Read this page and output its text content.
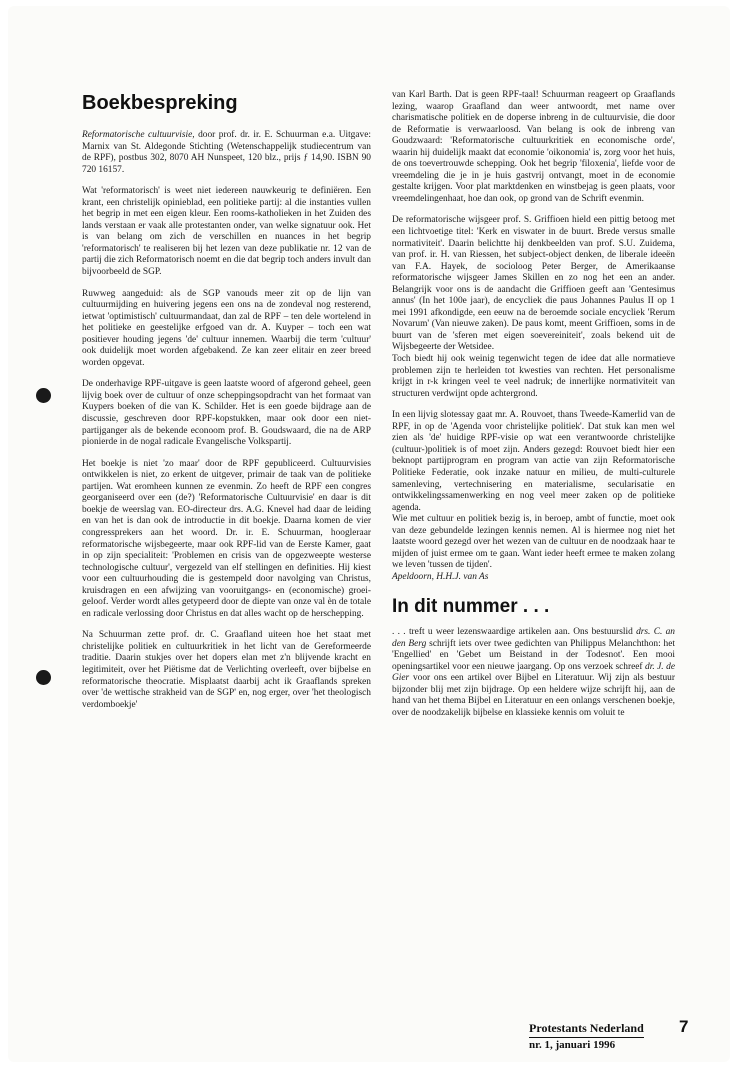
Boekbespreking

Reformatorische cultuurvisie, door prof. dr. ir. E. Schuurman e.a. Uitgave: Marnix van St. Aldegonde Stichting (Wetenschappelijk studiecentrum van de RPF), postbus 302, 8070 AH Nunspeet, 120 blz., prijs ƒ 14,90. ISBN 90 720 16157.

Wat 'reformatorisch' is weet niet iedereen nauwkeurig te definiëren. Een krant, een christelijk opinieblad, een politieke partij: al die instanties vullen het begrip in met een eigen kleur. Een rooms-katholieken in het Zuiden des lands verstaan er vaak alle protestanten onder, van welke signatuur ook. Het is van belang om zich de verschillen en nuances in het begrip 'reformatorisch' te realiseren bij het lezen van deze publikatie nr. 12 van de partij die zich Reformatorisch noemt en die dat begrip toch anders invult dan bijvoorbeeld de SGP.

Ruwweg aangeduid: als de SGP vanouds meer zit op de lijn van cultuurmijding en huivering jegens een ons na de zondeval nog resterend, ietwat 'optimistisch' cultuurmandaat, dan zal de RPF – ten dele wortelend in het politieke en geestelijke erfgoed van dr. A. Kuyper – toch een wat positiever houding jegens 'de' cultuur innemen. Waarbij die term 'cultuur' ook duidelijk moet worden afgebakend. Ze kan zeer elitair en zeer breed worden opgevat.

De onderhavige RPF-uitgave is geen laatste woord of afgerond geheel, geen lijvig boek over de cultuur of onze scheppingsopdracht van het formaat van Kuypers boeken of die van K. Schilder. Het is een goede bijdrage aan de discussie, geschreven door RPF-kopstukken, maar ook door een niet-partijganger als de bekende econoom prof. B. Goudswaard, die na de ARP pionierde in de nogal radicale Evangelische Volkspartij.

Het boekje is niet 'zo maar' door de RPF gepubliceerd. Cultuurvisies ontwikkelen is niet, zo erkent de uitgever, primair de taak van de politieke partijen. Wat eromheen kunnen ze evenmin. Zo heeft de RPF een congres georganiseerd over een (de?) 'Reformatorische Cultuurvisie' en daar is dit boekje de weerslag van. EO-directeur drs. A.G. Knevel had daar de leiding en van het is dan ook de introductie in dit boekje. Daarna komen de vier congressprekers aan het woord. Dr. ir. E. Schuurman, hoogleraar reformatorische wijsbegeerte, maar ook RPF-lid van de Eerste Kamer, gaat in op zijn specialiteit: 'Problemen en crisis van de opgezweepte westerse technologische cultuur', vergezeld van elf stellingen en definities. Hij kiest voor een cultuurhouding die is gestempeld door navolging van Christus, kruisdragen en een afwijzing van vooruitgangs- en (economische) groei-geloof. Verder wordt alles getypeerd door de diepte van onze val èn de totale en radicale verlossing door Christus en dat alles wacht op de herschepping.

Na Schuurman zette prof. dr. C. Graafland uiteen hoe het staat met christelijke politiek en cultuurkritiek in het licht van de Gereformeerde traditie. Daarin stukjes over het dopers elan met z'n blijvende kracht en legitimiteit, over het Piëtisme dat de Verlichting overleeft, over bijbelse en reformatorische theocratie. Misplaatst daarbij acht ik Graaflands spreken over 'de wettische strakheid van de SGP' en, nog erger, over 'het theologisch verdomboekje'

van Karl Barth. Dat is geen RPF-taal! Schuurman reageert op Graaflands lezing, waarop Graafland dan weer antwoordt, met name over charismatische politiek en de doperse inbreng in de cultuurvisie, die door de Reformatie is verwaarloosd. Van belang is ook de inbreng van Goudzwaard: 'Reformatorische cultuurkritiek en economische orde', waarin hij duidelijk maakt dat economie 'oikonomia' is, zorg voor het huis, de ons toevertrouwde schepping. Ook het begrip 'filoxenia', liefde voor de vreemdeling die je in je huis gastvrij ontvangt, moet in de economie gestalte krijgen. Voor plat marktdenken en winstbejag is geen plaats, voor vreemdelingenhaat, hoe dan ook, op grond van de Schrift evenmin.

De reformatorische wijsgeer prof. S. Griffioen hield een pittig betoog met een lichtvoetige titel: 'Kerk en viswater in de buurt. Brede versus smalle normativiteit'. Daarin belichtte hij denkbeelden van prof. S.U. Zuidema, van prof. ir. H. van Riessen, het subject-object denken, de liberale ideeën van F.A. Hayek, de socioloog Peter Berger, de Amerikaanse reformatorische wijsgeer James Skillen en zo nog het een an ander. Belangrijk voor ons is de aandacht die Griffioen geeft aan 'Gentesimus annus' (In het 100e jaar), de encycliek die paus Johannes Paulus II op 1 mei 1991 afkondigde, een eeuw na de beroemde sociale encycliek 'Rerum Novarum' (Van nieuwe zaken). De paus komt, meent Griffioen, soms in de buurt van de 'sferen met eigen soevereiniteit', zoals bekend uit de Wijsbegeerte der Wetsidee.

Toch biedt hij ook weinig tegenwicht tegen de idee dat alle normatieve problemen zijn te herleiden tot kwesties van rechten. Het personalisme krijgt in r-k kringen veel te veel nadruk; de innerlijke normativiteit van structuren verdwijnt opde achtergrond.

In een lijvig slotessay gaat mr. A. Rouvoet, thans Tweede-Kamerlid van de RPF, in op de 'Agenda voor christelijke politiek'. Dat stuk kan men wel zien als 'de' huidige RPF-visie op wat een verantwoorde christelijke (cultuur-)politiek is of moet zijn. Anders gezegd: Rouvoet biedt hier een beknopt partijprogram en program van actie van zijn Reformatorische Politieke Federatie, ook inzake natuur en milieu, de multi-culturele samenleving, vertechnisering en materialisme, secularisatie en ontwikkelingssamenwerking en nog veel meer zaken op de politieke agenda.

Wie met cultuur en politiek bezig is, in beroep, ambt of functie, moet ook van deze gebundelde lezingen kennis nemen. Al is hiermee nog niet het laatste woord gezegd over het wezen van de cultuur en de noodzaak haar te mijden of juist ermee om te gaan. Want ieder heeft ermee te maken zolang we leven 'tussen de tijden'.

Apeldoorn, H.H.J. van As

In dit nummer . . .

. . . treft u weer lezenswaardige artikelen aan. Ons bestuurslid drs. C. an den Berg schrijft iets over twee gedichten van Philippus Melanchthon: het 'Engellied' en 'Gebet um Beistand in der Todesnot'. Een mooi openingsartikel voor een nieuwe jaargang. Op ons verzoek schreef dr. J. de Gier voor ons een artikel over Bijbel en Literatuur. Wij zijn als bestuur bijzonder blij met zijn bijdrage. Op een heldere wijze schrijft hij, aan de hand van het thema Bijbel en Literatuur en een onlangs verschenen boekje, over de noodzakelijk bijbelse en klassieke kennis om voluit te

Protestants Nederland
nr. 1, januari 1996
7
